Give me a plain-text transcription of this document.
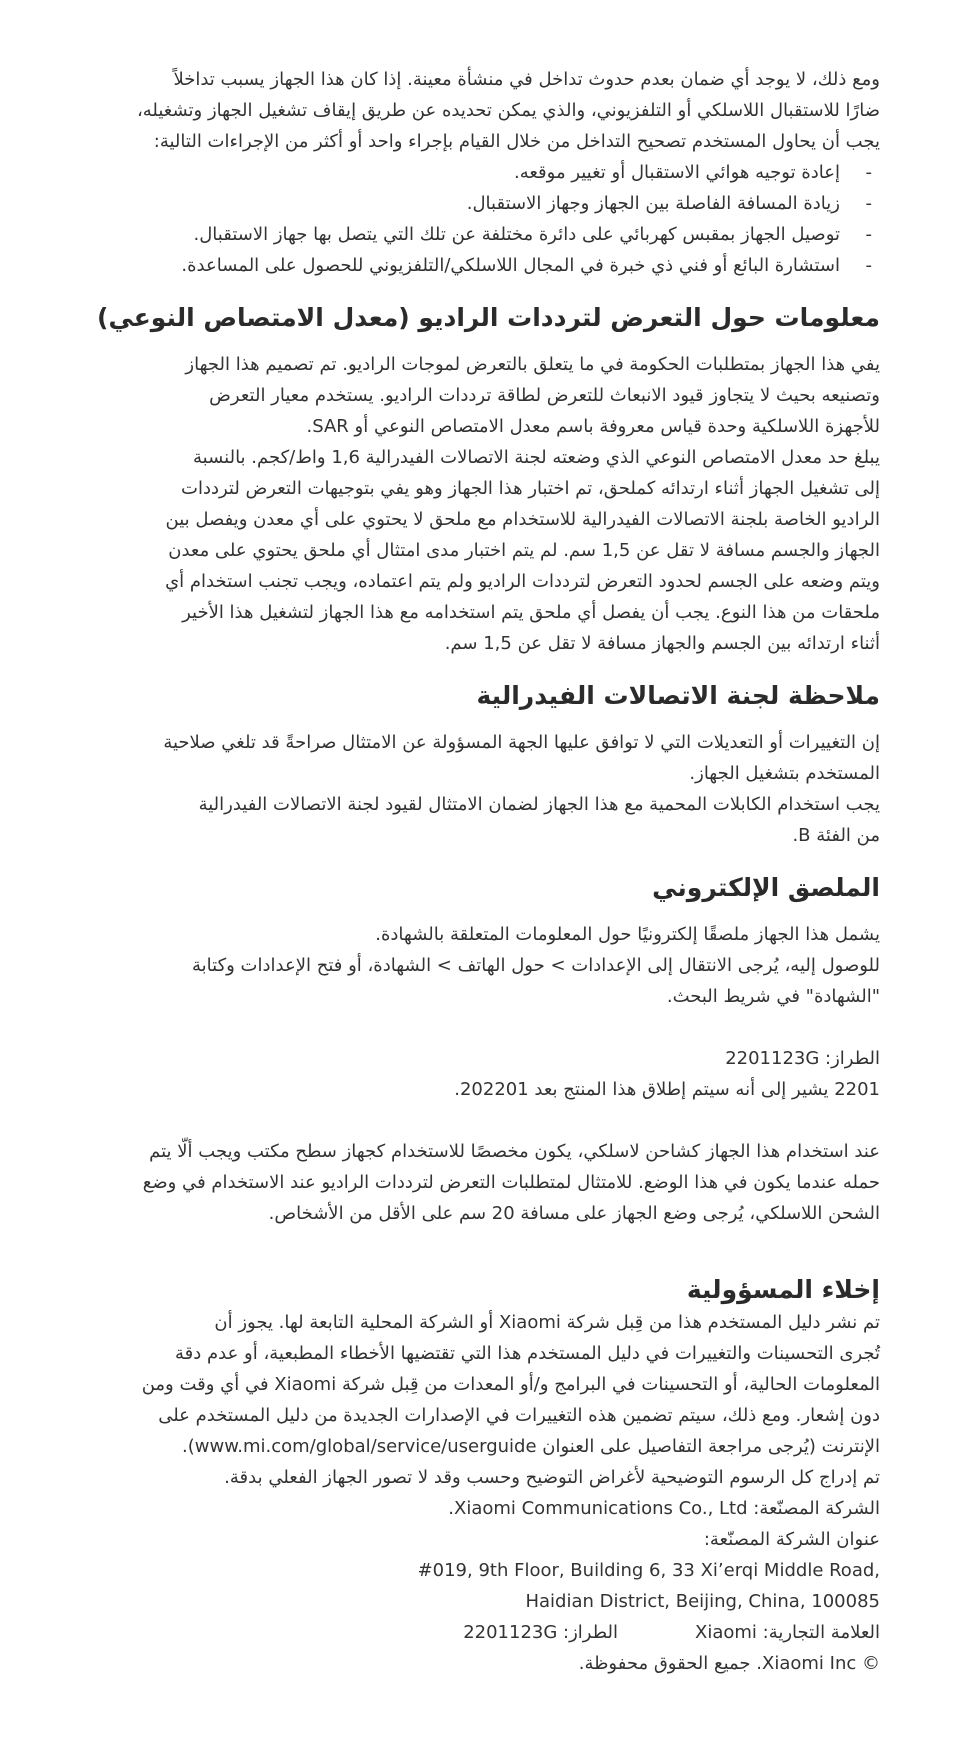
ومع ذلك، لا يوجد أي ضمان بعدم حدوث تداخل في منشأة معينة. إذا كان هذا الجهاز يسبب تداخلاً

ضارًا للاستقبال اللاسلكي أو التلفزيوني، والذي يمكن تحديده عن طريق إيقاف تشغيل الجهاز وتشغيله،

يجب أن يحاول المستخدم تصحيح التداخل من خلال القيام بإجراء واحد أو أكثر من الإجراءات التالية:

-
إعادة توجيه هوائي الاستقبال أو تغيير موقعه.
-
زيادة المسافة الفاصلة بين الجهاز وجهاز الاستقبال.
-
توصيل الجهاز بمقبس كهربائي على دائرة مختلفة عن تلك التي يتصل بها جهاز الاستقبال.
-
استشارة البائع أو فني ذي خبرة في المجال اللاسلكي/التلفزيوني للحصول على المساعدة.
معلومات حول التعرض لترددات الراديو (معدل الامتصاص النوعي)

يفي هذا الجهاز بمتطلبات الحكومة في ما يتعلق بالتعرض لموجات الراديو. تم تصميم هذا الجهاز

وتصنيعه بحيث لا يتجاوز قيود الانبعاث للتعرض لطاقة ترددات الراديو. يستخدم معيار التعرض

للأجهزة اللاسلكية وحدة قياس معروفة باسم معدل الامتصاص النوعي أو SAR.

يبلغ حد معدل الامتصاص النوعي الذي وضعته لجنة الاتصالات الفيدرالية 1,6 واط/كجم. بالنسبة

إلى تشغيل الجهاز أثناء ارتدائه كملحق، تم اختبار هذا الجهاز وهو يفي بتوجيهات التعرض لترددات

الراديو الخاصة بلجنة الاتصالات الفيدرالية للاستخدام مع ملحق لا يحتوي على أي معدن ويفصل بين

الجهاز والجسم مسافة لا تقل عن 1,5 سم. لم يتم اختبار مدى امتثال أي ملحق يحتوي على معدن

ويتم وضعه على الجسم لحدود التعرض لترددات الراديو ولم يتم اعتماده، ويجب تجنب استخدام أي

ملحقات من هذا النوع. يجب أن يفصل أي ملحق يتم استخدامه مع هذا الجهاز لتشغيل هذا الأخير

أثناء ارتدائه بين الجسم والجهاز مسافة لا تقل عن 1,5 سم.

ملاحظة لجنة الاتصالات الفيدرالية

إن التغييرات أو التعديلات التي لا توافق عليها الجهة المسؤولة عن الامتثال صراحةً قد تلغي صلاحية

المستخدم بتشغيل الجهاز.

يجب استخدام الكابلات المحمية مع هذا الجهاز لضمان الامتثال لقيود لجنة الاتصالات الفيدرالية

من الفئة B.

الملصق الإلكتروني

يشمل هذا الجهاز ملصقًا إلكترونيًا حول المعلومات المتعلقة بالشهادة.

للوصول إليه، يُرجى الانتقال إلى الإعدادات > حول الهاتف > الشهادة، أو فتح الإعدادات وكتابة

"الشهادة" في شريط البحث.

الطراز: 2201123G

2201 يشير إلى أنه سيتم إطلاق هذا المنتج بعد 202201.

عند استخدام هذا الجهاز كشاحن لاسلكي، يكون مخصصًا للاستخدام كجهاز سطح مكتب ويجب ألّا يتم

حمله عندما يكون في هذا الوضع. للامتثال لمتطلبات التعرض لترددات الراديو عند الاستخدام في وضع

الشحن اللاسلكي، يُرجى وضع الجهاز على مسافة 20 سم على الأقل من الأشخاص.

إخلاء المسؤولية

تم نشر دليل المستخدم هذا من قِبل شركة Xiaomi أو الشركة المحلية التابعة لها. يجوز أن

تُجرى التحسينات والتغييرات في دليل المستخدم هذا التي تقتضيها الأخطاء المطبعية، أو عدم دقة

المعلومات الحالية، أو التحسينات في البرامج و/أو المعدات من قِبل شركة Xiaomi في أي وقت ومن

دون إشعار. ومع ذلك، سيتم تضمين هذه التغييرات في الإصدارات الجديدة من دليل المستخدم على

الإنترنت (يُرجى مراجعة التفاصيل على العنوان www.mi.com/global/service/userguide).

تم إدراج كل الرسوم التوضيحية لأغراض التوضيح وحسب وقد لا تصور الجهاز الفعلي بدقة.

الشركة المصنّعة: Xiaomi Communications Co., Ltd.

عنوان الشركة المصنّعة:

#019, 9th Floor, Building 6, 33 Xi’erqi Middle Road,

Haidian District, Beijing, China, 100085

العلامة التجارية: Xiaomi
الطراز: 2201123G

© Xiaomi Inc. جميع الحقوق محفوظة.
